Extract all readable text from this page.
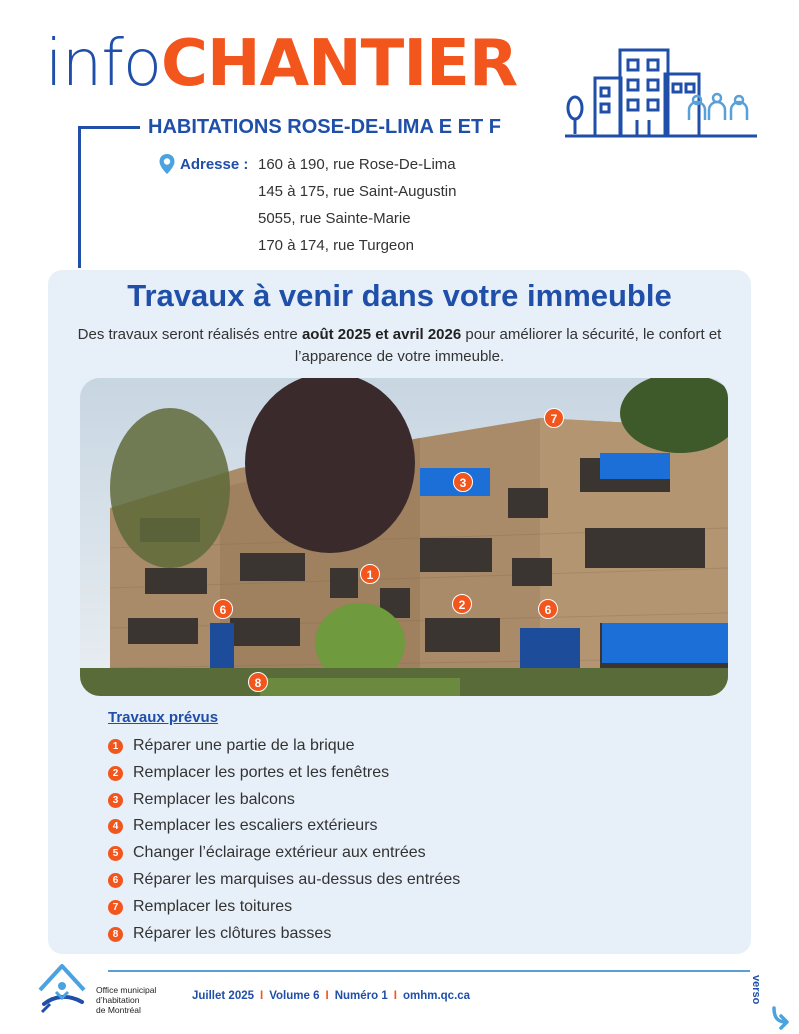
infoCHANTIER
HABITATIONS ROSE-DE-LIMA E ET F
Adresse : 160 à 190, rue Rose-De-Lima
145 à 175, rue Saint-Augustin
5055, rue Sainte-Marie
170 à 174, rue Turgeon
Travaux à venir dans votre immeuble

Des travaux seront réalisés entre août 2025 et avril 2026 pour améliorer la sécurité, le confort et l’apparence de votre immeuble.

1
2
3
6	6
7
8
Travaux prévus
1 Réparer une partie de la brique
2 Remplacer les portes et les fenêtres
3 Remplacer les balcons
4 Remplacer les escaliers extérieurs
5 Changer l’éclairage extérieur aux entrées
6 Réparer les marquises au-dessus des entrées
7 Remplacer les toitures
8 Réparer les clôtures basses
Office municipal
d’habitation
de Montréal
Juillet 2025 I Volume 6 I Numéro 1 I omhm.qc.ca	verso
